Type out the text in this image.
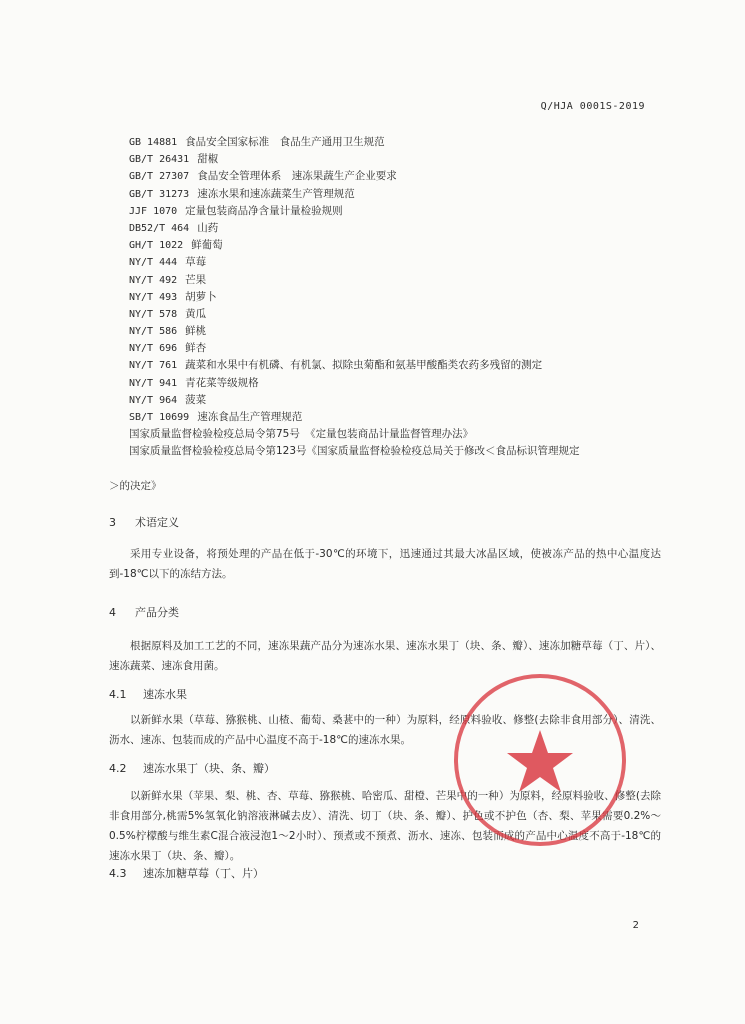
Q/HJA 0001S-2019
GB 14881 食品安全国家标准　食品生产通用卫生规范
GB/T 26431 甜椒
GB/T 27307 食品安全管理体系　速冻果蔬生产企业要求
GB/T 31273 速冻水果和速冻蔬菜生产管理规范
JJF 1070 定量包装商品净含量计量检验规则
DB52/T 464 山药
GH/T 1022 鲜葡萄
NY/T 444 草莓
NY/T 492 芒果
NY/T 493 胡萝卜
NY/T 578 黄瓜
NY/T 586 鲜桃
NY/T 696 鲜杏
NY/T 761 蔬菜和水果中有机磷、有机氯、拟除虫菊酯和氨基甲酸酯类农药多残留的测定
NY/T 941 青花菜等级规格
NY/T 964 菠菜
SB/T 10699 速冻食品生产管理规范
国家质量监督检验检疫总局令第75号　《定量包装商品计量监督管理办法》
国家质量监督检验检疫总局令第123号《国家质量监督检验检疫总局关于修改＜食品标识管理规定
＞的决定》
3 术语定义
采用专业设备，将预处理的产品在低于-30℃的环境下，迅速通过其最大冰晶区域，使被冻产品的热中心温度达到-18℃以下的冻结方法。
4 产品分类
根据原料及加工工艺的不同，速冻果蔬产品分为速冻水果、速冻水果丁（块、条、瓣）、速冻加糖草莓（丁、片）、速冻蔬菜、速冻食用菌。
4.1 速冻水果
以新鲜水果（草莓、猕猴桃、山楂、葡萄、桑葚中的一种）为原料，经原料验收、修整(去除非食用部分）、清洗、沥水、速冻、包装而成的产品中心温度不高于-18℃的速冻水果。
4.2 速冻水果丁（块、条、瓣）
以新鲜水果（苹果、梨、桃、杏、草莓、猕猴桃、哈密瓜、甜橙、芒果中的一种）为原料，经原料验收、修整(去除非食用部分,桃需5%氢氧化钠溶液淋碱去皮）、清洗、切丁（块、条、瓣）、护色或不护色（杏、梨、苹果需要0.2%～0.5%柠檬酸与维生素C混合液浸泡1～2小时）、预煮或不预煮、沥水、速冻、包装而成的产品中心温度不高于-18℃的速冻水果丁（块、条、瓣）。
4.3 速冻加糖草莓（丁、片）
2
